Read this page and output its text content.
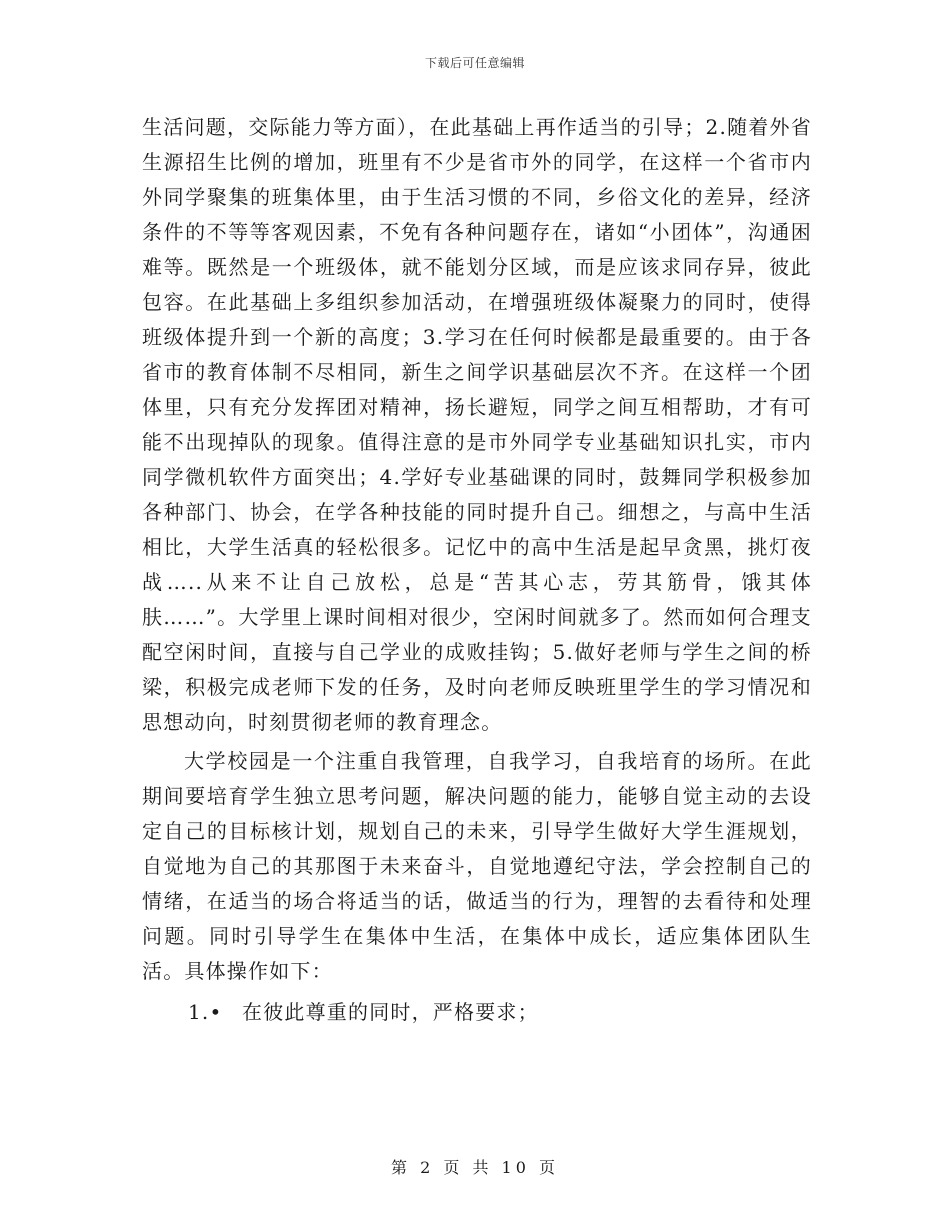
下载后可任意编辑

生活问题，交际能力等方面），在此基础上再作适当的引导；2.随着外省生源招生比例的增加，班里有不少是省市外的同学，在这样一个省市内外同学聚集的班集体里，由于生活习惯的不同，乡俗文化的差异，经济条件的不等等客观因素，不免有各种问题存在，诸如“小团体”，沟通困难等。既然是一个班级体，就不能划分区域，而是应该求同存异，彼此包容。在此基础上多组织参加活动，在增强班级体凝聚力的同时，使得班级体提升到一个新的高度；3.学习在任何时候都是最重要的。由于各省市的教育体制不尽相同，新生之间学识基础层次不齐。在这样一个团体里，只有充分发挥团对精神，扬长避短，同学之间互相帮助，才有可能不出现掉队的现象。值得注意的是市外同学专业基础知识扎实，市内同学微机软件方面突出；4.学好专业基础课的同时，鼓舞同学积极参加各种部门、协会，在学各种技能的同时提升自己。细想之，与高中生活相比，大学生活真的轻松很多。记忆中的高中生活是起早贪黑，挑灯夜战…..从来不让自己放松，总是“苦其心志，劳其筋骨，饿其体肤……”。大学里上课时间相对很少，空闲时间就多了。然而如何合理支配空闲时间，直接与自己学业的成败挂钩；5.做好老师与学生之间的桥梁，积极完成老师下发的任务，及时向老师反映班里学生的学习情况和思想动向，时刻贯彻老师的教育理念。

大学校园是一个注重自我管理，自我学习，自我培育的场所。在此期间要培育学生独立思考问题，解决问题的能力，能够自觉主动的去设定自己的目标核计划，规划自己的未来，引导学生做好大学生涯规划，自觉地为自己的其那图于未来奋斗，自觉地遵纪守法，学会控制自己的情绪，在适当的场合将适当的话，做适当的行为，理智的去看待和处理问题。同时引导学生在集体中生活，在集体中成长，适应集体团队生活。具体操作如下：

1.• 在彼此尊重的同时，严格要求；
第 2 页 共 10 页
